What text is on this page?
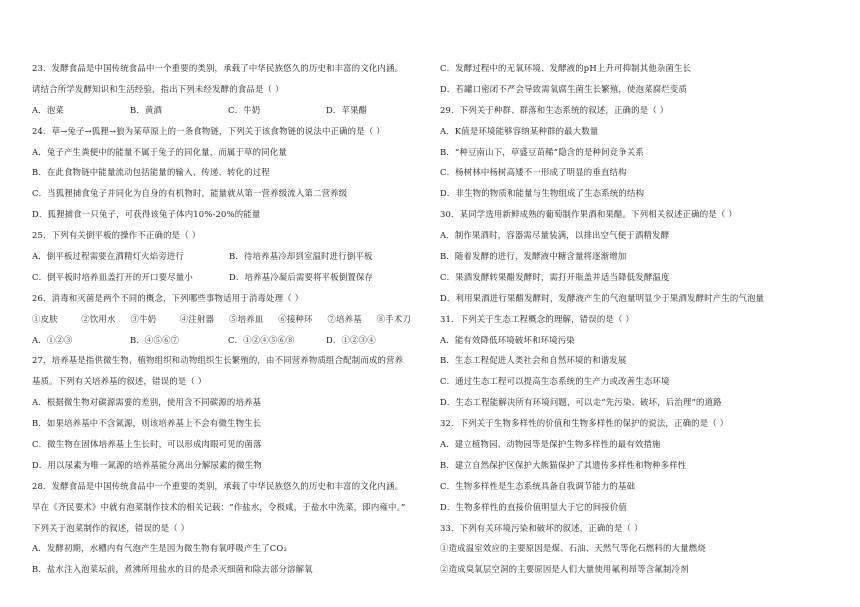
23．发酵食品是中国传统食品中一个重要的类别，承载了中华民族悠久的历史和丰富的文化内涵。
请结合所学发酵知识和生活经验，指出下列未经发酵的食品是（ ）
A．泡菜	B．黄酒	C．牛奶	D．苹果醋
24．草→兔子→狐狸→狼为某草原上的一条食物链，下列关于该食物链的说法中正确的是（ ）
A．兔子产生粪便中的能量不属于兔子的同化量，而属于草的同化量
B．在此食物链中能量流动包括能量的输入、传递、转化的过程
C．当狐狸捕食兔子并同化为自身的有机物时，能量就从第一营养级流入第二营养级
D．狐狸捕食一只兔子，可获得该兔子体内10%-20%的能量
25．下列有关倒平板的操作不正确的是（ ）
A．倒平板过程需要在酒精灯火焰旁进行	B．待培养基冷却到室温时进行倒平板
C．倒平板时培养皿盖打开的开口要尽量小	D．培养基冷凝后需要将平板倒置保存
26．消毒和灭菌是两个不同的概念，下列哪些事物适用于消毒处理（ ）
①皮肤	②饮用水	③牛奶	④注射器	⑤培养皿	⑥接种环	⑦培养基	⑧手术刀
A．①②③	B．④⑤⑥⑦	C．①②④⑤⑥⑧	D．①②③④
27．培养基是指供微生物、植物组织和动物组织生长繁殖的，由不同营养物质组合配制而成的营养
基质。下列有关培养基的叙述，错误的是（ ）
A．根据微生物对碳源需要的差别，使用含不同碳源的培养基
B．如果培养基中不含氮源，则该培养基上不会有微生物生长
C．微生物在固体培养基上生长时，可以形成肉眼可见的菌落
D．用以尿素为唯一氮源的培养基能分离出分解尿素的微生物
28．发酵食品是中国传统食品中一个重要的类别，承载了中华民族悠久的历史和丰富的文化内涵。
早在《齐民要术》中就有泡菜制作技术的相关记载：“作盐水，令极咸，于盐水中洗菜，即内雍中。”
下列关于泡菜制作的叙述，错误的是（ ）
A．发酵初期，水槽内有气泡产生是因为微生物有氧呼吸产生了CO₂
B．盐水注入泡菜坛前，煮沸所用盐水的目的是杀灭细菌和除去部分溶解氧
C．发酵过程中的无氧环境、发酵液的pH上升可抑制其他杂菌生长
D．若罐口密闭不严会导致需氧腐生菌生长繁殖，使泡菜腐烂变质
29．下列关于种群、群落和生态系统的叙述，正确的是（ ）
A．K值是环境能够容纳某种群的最大数量
B．“种豆南山下，草盛豆苗稀”隐含的是种间竞争关系
C．杨树林中杨树高矮不一形成了明显的垂直结构
D．非生物的物质和能量与生物组成了生态系统的结构
30．某同学选用新鲜成熟的葡萄制作果酒和果醋。下列相关叙述正确的是（ ）
A．制作果酒时，容器需尽量装满，以排出空气便于酒精发酵
B．随着发酵的进行，发酵液中糖含量将逐渐增加
C．果酒发酵转果醋发酵时，需打开瓶盖并适当降低发酵温度
D．利用果酒进行果醋发酵时，发酵液产生的气泡量明显少于果酒发酵时产生的气泡量
31．下列关于生态工程概念的理解，错误的是（ ）
A．能有效降低环境破坏和环境污染
B．生态工程促进人类社会和自然环境的和谐发展
C．通过生态工程可以提高生态系统的生产力或改善生态环境
D．生态工程能解决所有环境问题，可以走“先污染、破坏，后治理”的道路
32．下列关于生物多样性的价值和生物多样性的保护的说法，正确的是（ ）
A．建立植物园、动物园等是保护生物多样性的最有效措施
B．建立自然保护区保护大熊猫保护了其遗传多样性和物种多样性
C．生物多样性是生态系统具备自我调节能力的基础
D．生物多样性的直接价值明显大于它的间接价值
33．下列有关环境污染和破坏的叙述，正确的是（ ）
①造成温室效应的主要原因是煤、石油、天然气等化石燃料的大量燃烧
②造成臭氧层空洞的主要原因是人们大量使用氟利昂等含氟制冷剂
